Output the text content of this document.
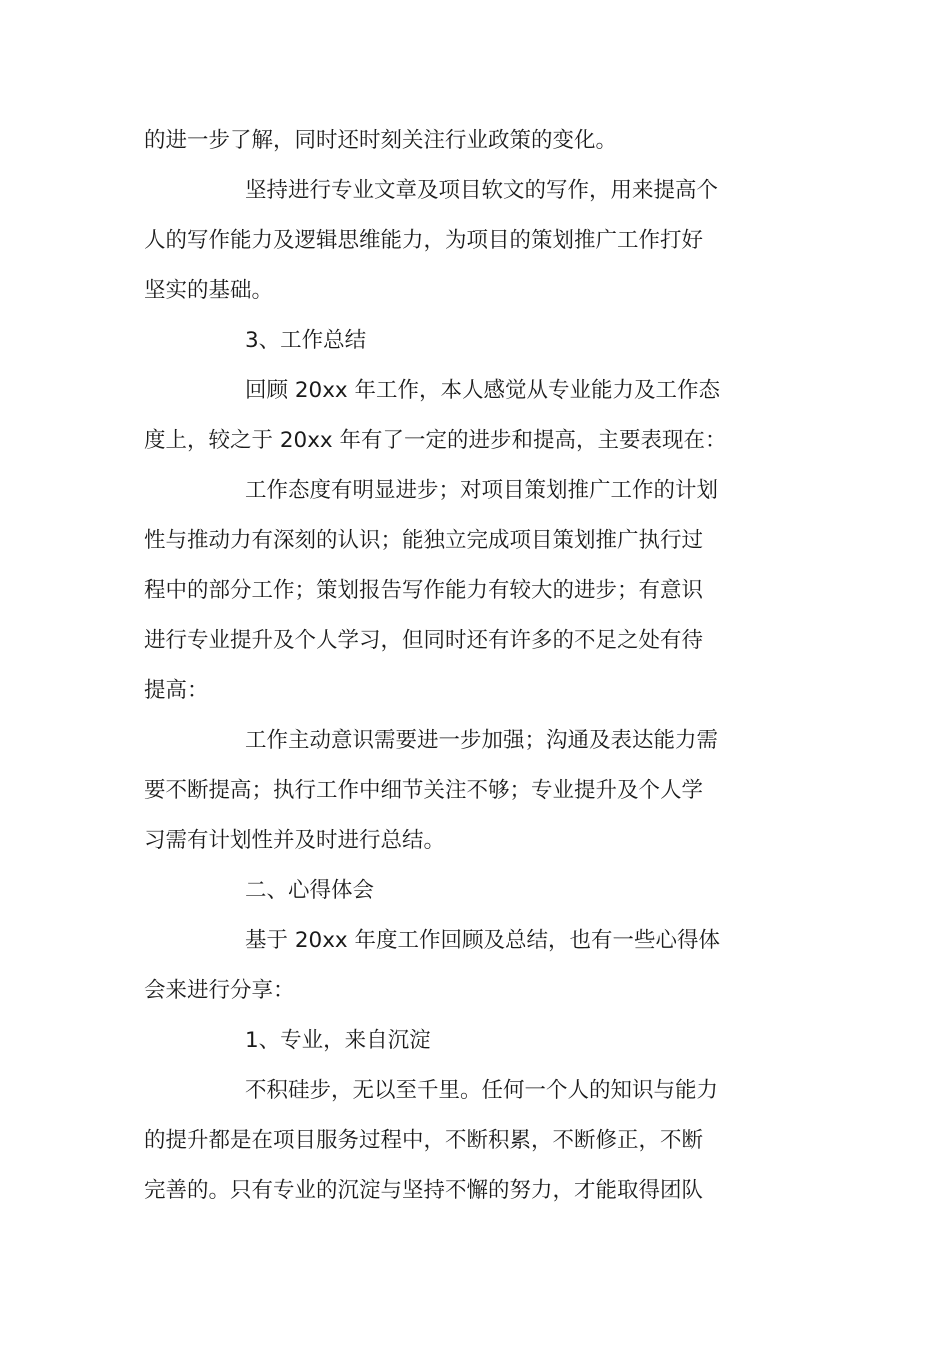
的进一步了解，同时还时刻关注行业政策的变化。
坚持进行专业文章及项目软文的写作，用来提高个
人的写作能力及逻辑思维能力，为项目的策划推广工作打好
坚实的基础。
3、工作总结
回顾 20xx 年工作，本人感觉从专业能力及工作态
度上，较之于 20xx 年有了一定的进步和提高，主要表现在：
工作态度有明显进步；对项目策划推广工作的计划
性与推动力有深刻的认识；能独立完成项目策划推广执行过
程中的部分工作；策划报告写作能力有较大的进步；有意识
进行专业提升及个人学习，但同时还有许多的不足之处有待
提高：
工作主动意识需要进一步加强；沟通及表达能力需
要不断提高；执行工作中细节关注不够；专业提升及个人学
习需有计划性并及时进行总结。
二、心得体会
基于 20xx 年度工作回顾及总结，也有一些心得体
会来进行分享：
1、专业，来自沉淀
不积硅步，无以至千里。任何一个人的知识与能力
的提升都是在项目服务过程中，不断积累，不断修正，不断
完善的。只有专业的沉淀与坚持不懈的努力，才能取得团队
